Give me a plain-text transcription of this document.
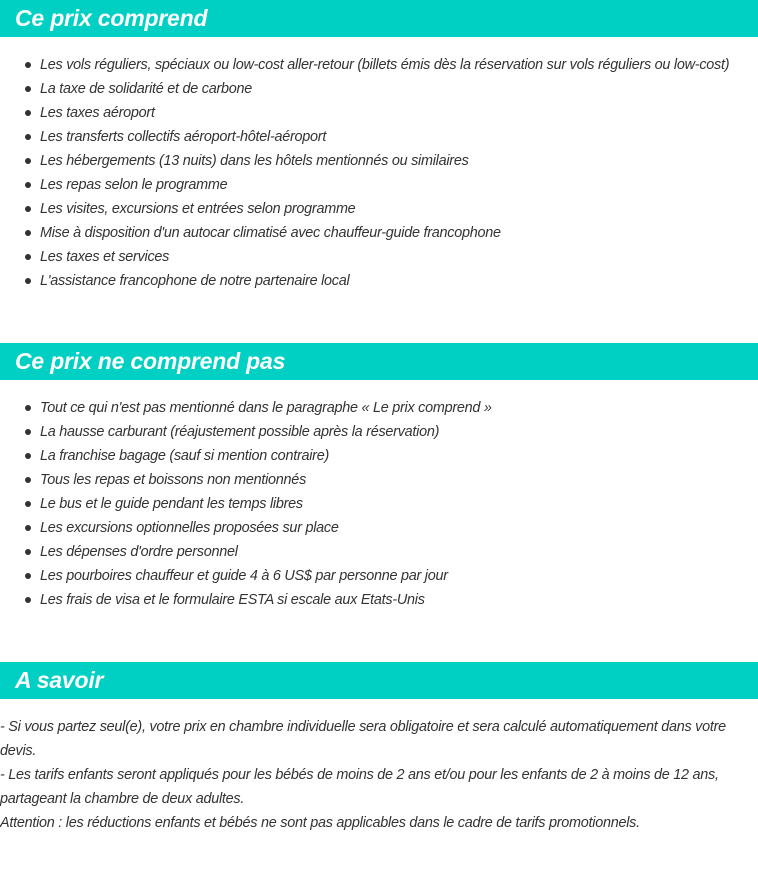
Ce prix comprend
Les vols réguliers, spéciaux ou low-cost aller-retour (billets émis dès la réservation sur vols réguliers ou low-cost)
La taxe de solidarité et de carbone
Les taxes aéroport
Les transferts collectifs aéroport-hôtel-aéroport
Les hébergements (13 nuits) dans les hôtels mentionnés ou similaires
Les repas selon le programme
Les visites, excursions et entrées selon programme
Mise à disposition d'un autocar climatisé avec chauffeur-guide francophone
Les taxes et services
L'assistance francophone de notre partenaire local
Ce prix ne comprend pas
Tout ce qui n'est pas mentionné dans le paragraphe « Le prix comprend »
La hausse carburant (réajustement possible après la réservation)
La franchise bagage (sauf si mention contraire)
Tous les repas et boissons non mentionnés
Le bus et le guide pendant les temps libres
Les excursions optionnelles proposées sur place
Les dépenses d'ordre personnel
Les pourboires chauffeur et guide 4 à 6 US$ par personne par jour
Les frais de visa et le formulaire ESTA si escale aux Etats-Unis
A savoir

- Si vous partez seul(e), votre prix en chambre individuelle sera obligatoire et sera calculé automatiquement dans votre devis.

- Les tarifs enfants seront appliqués pour les bébés de moins de 2 ans et/ou pour les enfants de 2 à moins de 12 ans, partageant la chambre de deux adultes.

Attention : les réductions enfants et bébés ne sont pas applicables dans le cadre de tarifs promotionnels.
